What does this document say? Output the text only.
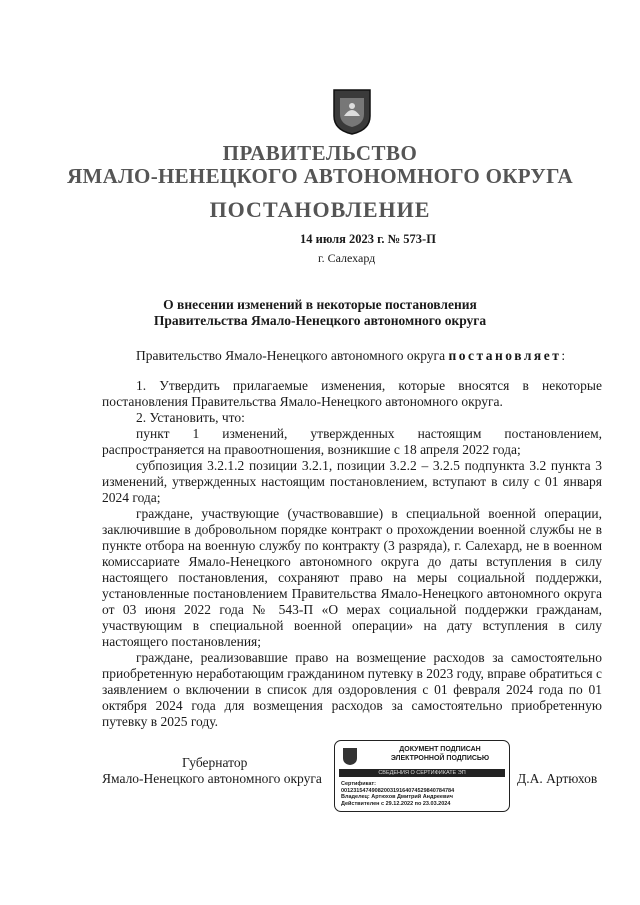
ПРАВИТЕЛЬСТВО
ЯМАЛО-НЕНЕЦКОГО АВТОНОМНОГО ОКРУГА
ПОСТАНОВЛЕНИЕ
14 июля 2023 г. № 573-П
г. Салехард
О внесении изменений в некоторые постановления
Правительства Ямало-Ненецкого автономного округа

Правительство Ямало-Ненецкого автономного округа постановляет:

1. Утвердить прилагаемые изменения, которые вносятся в некоторые постановления Правительства Ямало-Ненецкого автономного округа.

2. Установить, что:

пункт 1 изменений, утвержденных настоящим постановлением, распространяется на правоотношения, возникшие с 18 апреля 2022 года;

субпозиция 3.2.1.2 позиции 3.2.1, позиции 3.2.2 – 3.2.5 подпункта 3.2 пункта 3 изменений, утвержденных настоящим постановлением, вступают в силу с 01 января 2024 года;

граждане, участвующие (участвовавшие) в специальной военной операции, заключившие в добровольном порядке контракт о прохождении военной службы не в пункте отбора на военную службу по контракту (3 разряда), г. Салехард, не в военном комиссариате Ямало-Ненецкого автономного округа до даты вступления в силу настоящего постановления, сохраняют право на меры социальной поддержки, установленные постановлением Правительства Ямало-Ненецкого автономного округа от 03 июня 2022 года № 543-П «О мерах социальной поддержки гражданам, участвующим в специальной военной операции» на дату вступления в силу настоящего постановления;

граждане, реализовавшие право на возмещение расходов за самостоятельно приобретенную неработающим гражданином путевку в 2023 году, вправе обратиться с заявлением о включении в список для оздоровления с 01 февраля 2024 года по 01 октября 2024 года для возмещения расходов за самостоятельно приобретенную путевку в 2025 году.

Губернатор
Ямало-Ненецкого автономного округа	Д.А. Артюхов
ДОКУМЕНТ ПОДПИСАН
ЭЛЕКТРОННОЙ ПОДПИСЬЮ
СВЕДЕНИЯ О СЕРТИФИКАТЕ ЭП
Сертификат:
0012315474908200319164074529840784784
Владелец: Артюхов Дмитрий Андреевич
Действителен с 29.12.2022 по 23.03.2024
